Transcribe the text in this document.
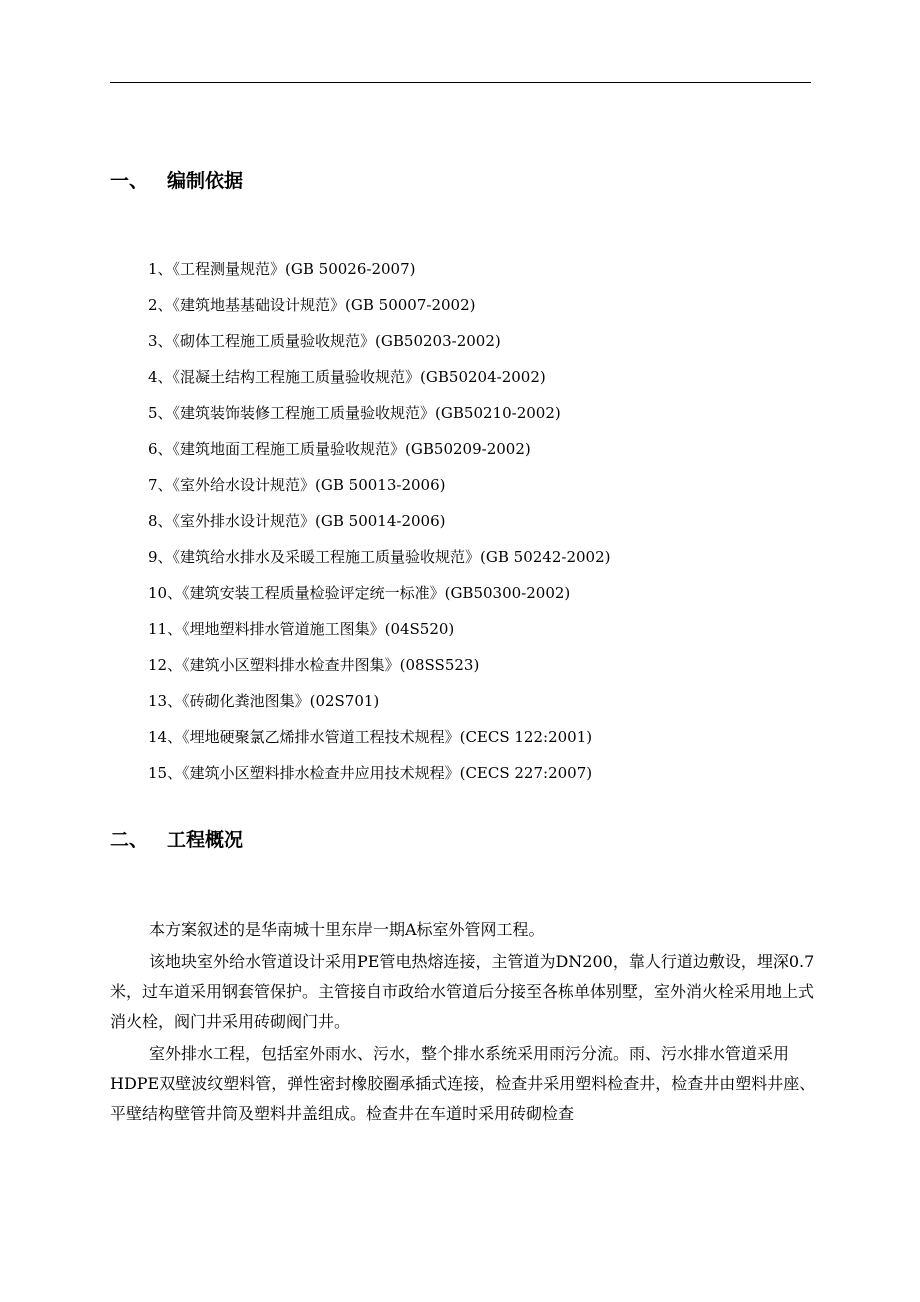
一、 编制依据
1、《工程测量规范》(GB 50026-2007)
2、《建筑地基基础设计规范》(GB 50007-2002)
3、《砌体工程施工质量验收规范》(GB50203-2002)
4、《混凝土结构工程施工质量验收规范》(GB50204-2002)
5、《建筑装饰装修工程施工质量验收规范》(GB50210-2002)
6、《建筑地面工程施工质量验收规范》(GB50209-2002)
7、《室外给水设计规范》(GB 50013-2006)
8、《室外排水设计规范》(GB 50014-2006)
9、《建筑给水排水及采暖工程施工质量验收规范》(GB 50242-2002)
10、《建筑安装工程质量检验评定统一标准》(GB50300-2002)
11、《埋地塑料排水管道施工图集》(04S520)
12、《建筑小区塑料排水检查井图集》(08SS523)
13、《砖砌化粪池图集》(02S701)
14、《埋地硬聚氯乙烯排水管道工程技术规程》(CECS 122:2001)
15、《建筑小区塑料排水检查井应用技术规程》(CECS 227:2007)
二、 工程概况

本方案叙述的是华南城十里东岸一期A标室外管网工程。

该地块室外给水管道设计采用PE管电热熔连接，主管道为DN200，靠人行道边敷设，埋深0.7米，过车道采用钢套管保护。主管接自市政给水管道后分接至各栋单体别墅，室外消火栓采用地上式消火栓，阀门井采用砖砌阀门井。

室外排水工程，包括室外雨水、污水，整个排水系统采用雨污分流。雨、污水排水管道采用HDPE双壁波纹塑料管，弹性密封橡胶圈承插式连接，检查井采用塑料检查井，检查井由塑料井座、平壁结构壁管井筒及塑料井盖组成。检查井在车道时采用砖砌检查
